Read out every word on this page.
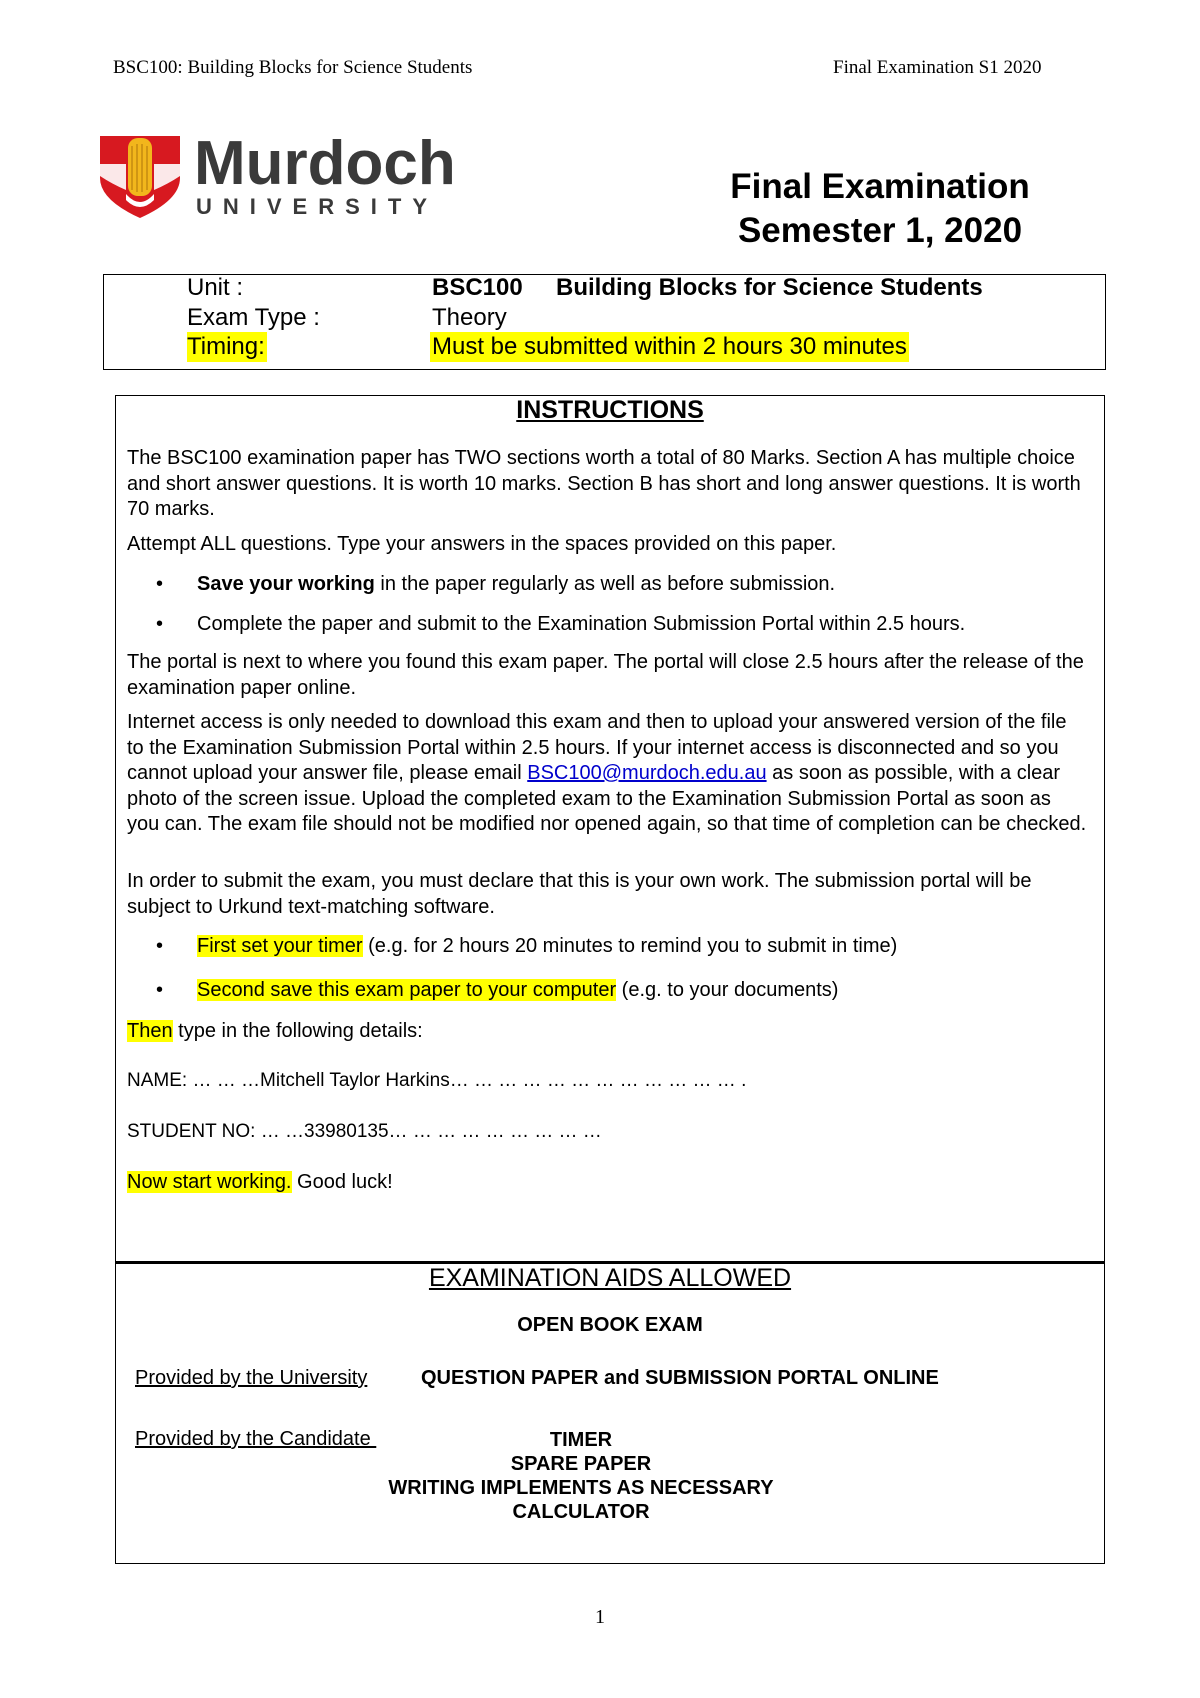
BSC100: Building Blocks for Science Students	Final Examination S1 2020
Murdoch
UNIVERSITY
Final Examination
Semester 1, 2020
Unit :	BSC100 Building Blocks for Science Students
Exam Type :	Theory
Timing:	Must be submitted within 2 hours 30 minutes
INSTRUCTIONS
The BSC100 examination paper has TWO sections worth a total of 80 Marks. Section A has multiple choice and short answer questions. It is worth 10 marks. Section B has short and long answer questions. It is worth 70 marks.
Attempt ALL questions. Type your answers in the spaces provided on this paper.
• Save your working in the paper regularly as well as before submission.
• Complete the paper and submit to the Examination Submission Portal within 2.5 hours.
The portal is next to where you found this exam paper. The portal will close 2.5 hours after the release of the examination paper online.
Internet access is only needed to download this exam and then to upload your answered version of the file to the Examination Submission Portal within 2.5 hours. If your internet access is disconnected and so you cannot upload your answer file, please email BSC100@murdoch.edu.au as soon as possible, with a clear photo of the screen issue. Upload the completed exam to the Examination Submission Portal as soon as you can. The exam file should not be modified nor opened again, so that time of completion can be checked.
In order to submit the exam, you must declare that this is your own work. The submission portal will be subject to Urkund text-matching software.
• First set your timer (e.g. for 2 hours 20 minutes to remind you to submit in time)
• Second save this exam paper to your computer (e.g. to your documents)
Then type in the following details:
NAME: … … …Mitchell Taylor Harkins… … … … … … … … … … … … .
STUDENT NO: … …33980135… … … … … … … … …
Now start working. Good luck!
EXAMINATION AIDS ALLOWED
OPEN BOOK EXAM
Provided by the University	QUESTION PAPER and SUBMISSION PORTAL ONLINE
Provided by the Candidate	TIMER
SPARE PAPER
WRITING IMPLEMENTS AS NECESSARY
CALCULATOR
1
